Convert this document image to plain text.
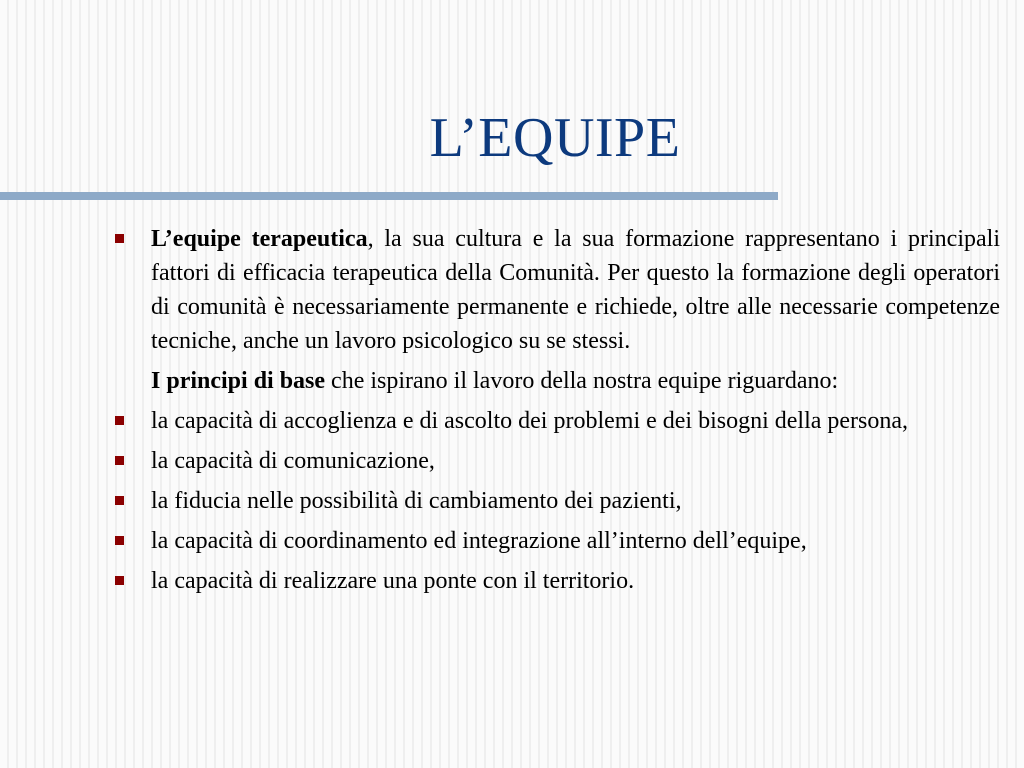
L’EQUIPE

L’equipe terapeutica, la sua cultura e la sua formazione rappresentano i principali fattori di efficacia terapeutica della Comunità. Per questo la formazione degli operatori di comunità è necessariamente permanente e richiede, oltre alle necessarie competenze tecniche, anche un lavoro psicologico su se stessi.

I principi di base che ispirano il lavoro della nostra equipe riguardano:

la capacità di accoglienza e di ascolto dei problemi e dei bisogni della persona,

la capacità di comunicazione,

la fiducia nelle possibilità di cambiamento dei pazienti,

la capacità di coordinamento ed integrazione all’interno dell’equipe,

la capacità di realizzare una ponte con il territorio.
